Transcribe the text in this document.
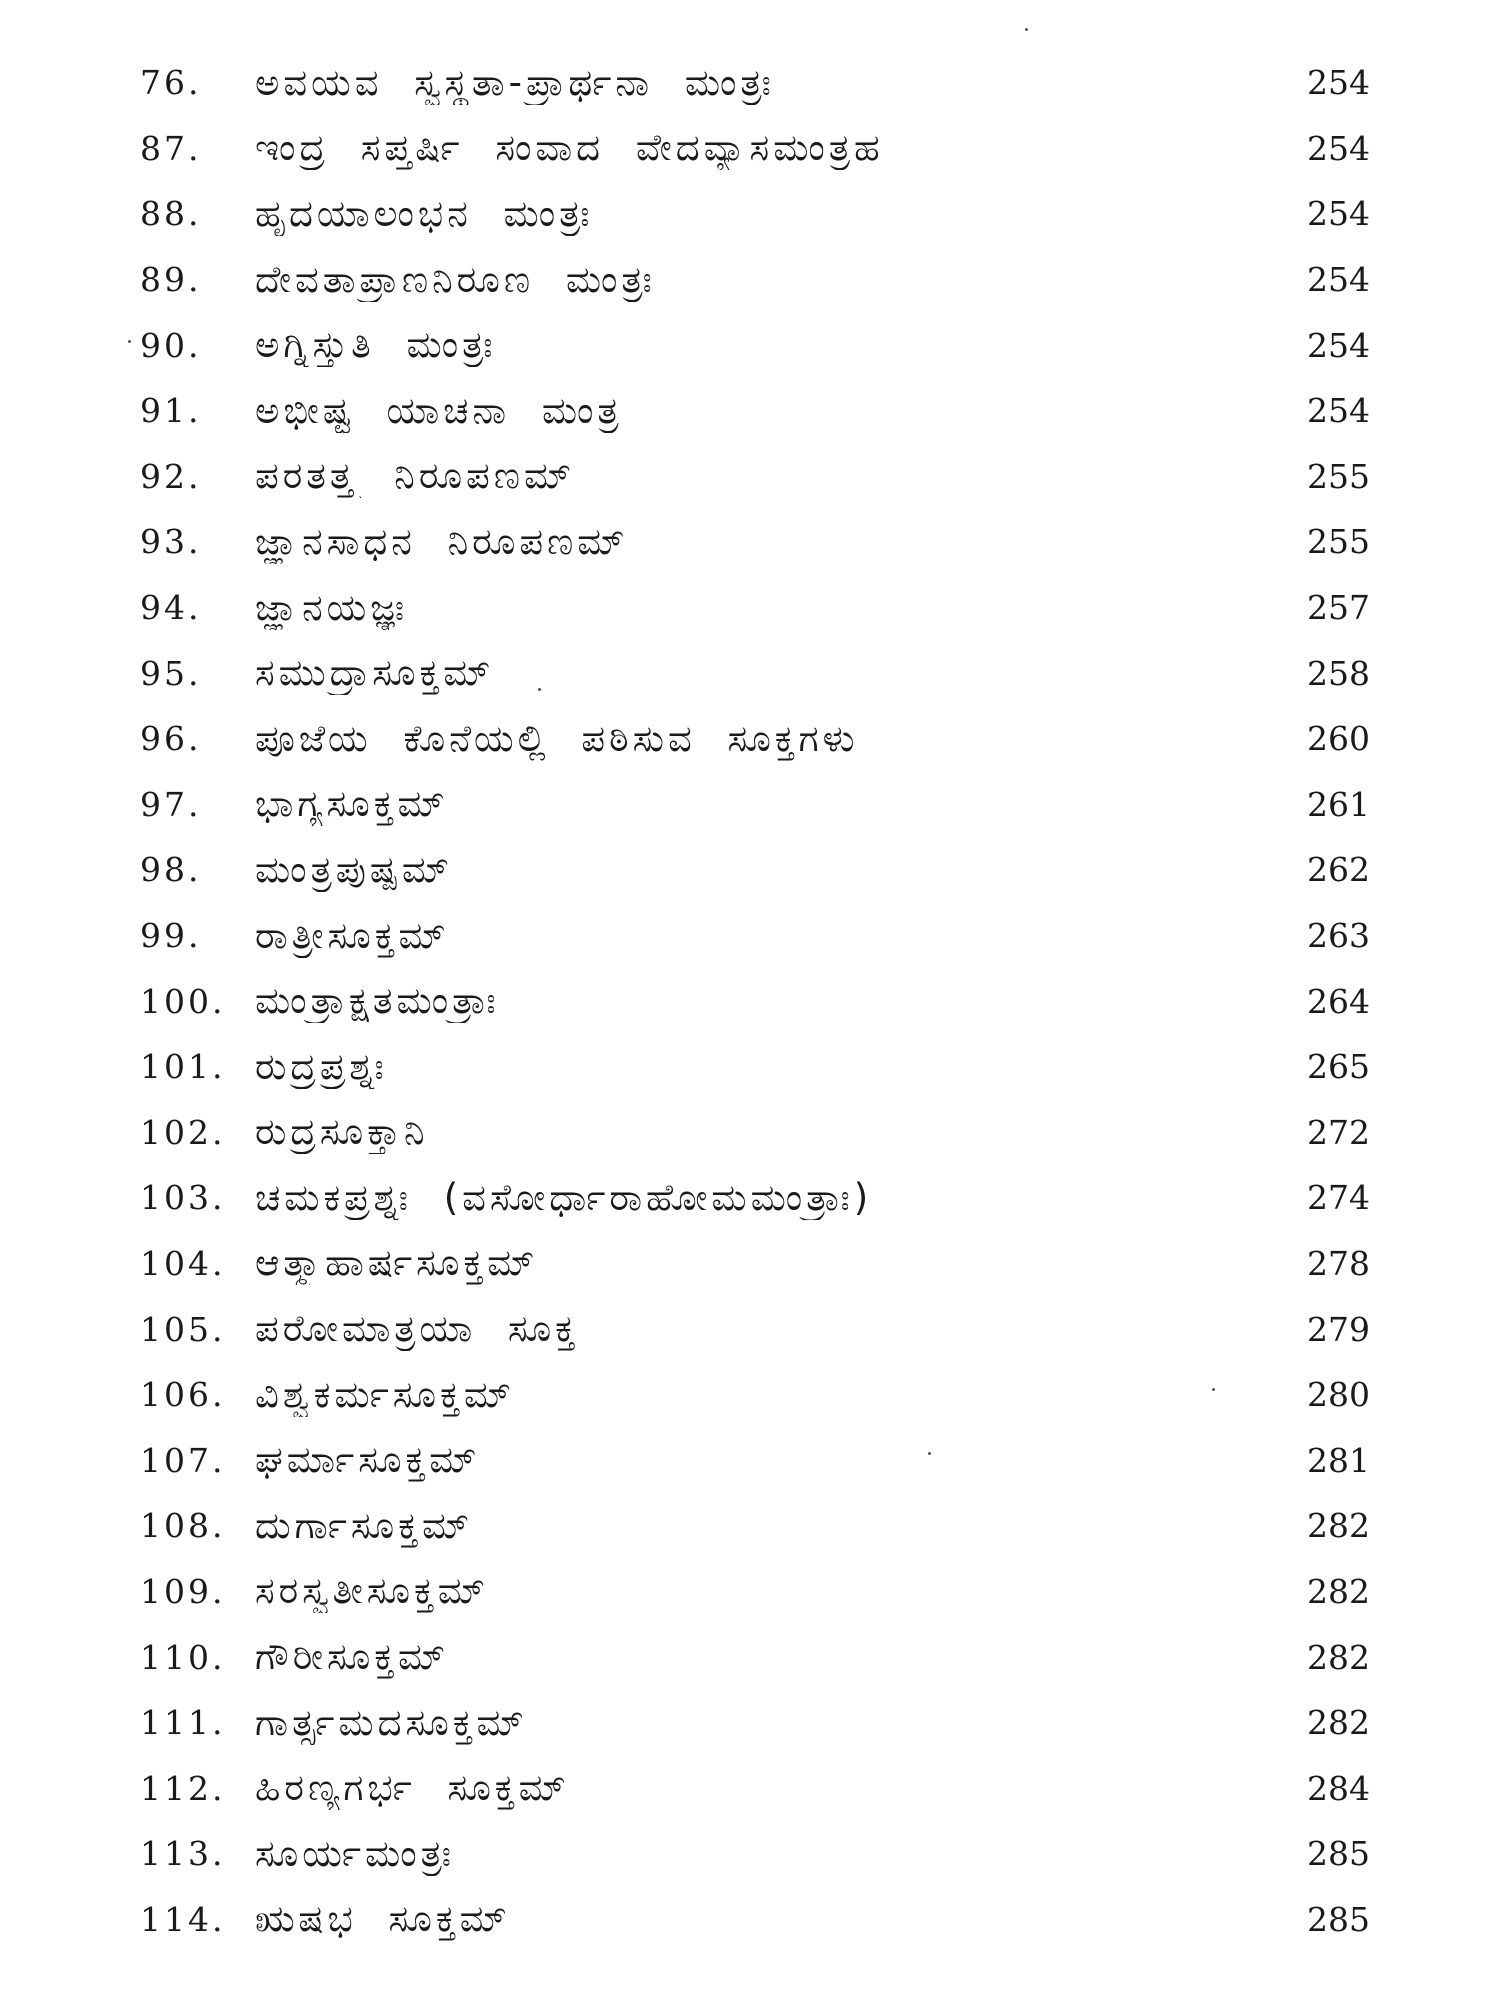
76.	ಅವಯವ ಸ್ವಸ್ಥತಾ-ಪ್ರಾರ್ಥನಾ ಮಂತ್ರಃ	254
87.	ಇಂದ್ರ ಸಪ್ತರ್ಷಿ ಸಂವಾದ ವೇದವ್ಯಾಸಮಂತ್ರಹ	254
88.	ಹೃದಯಾಲಂಭನ ಮಂತ್ರಃ	254
89.	ದೇವತಾಪ್ರಾಣನಿರೂಣ ಮಂತ್ರಃ	254
90.	ಅಗ್ನಿಸ್ತುತಿ ಮಂತ್ರಃ	254
91.	ಅಭೀಷ್ಟ ಯಾಚನಾ ಮಂತ್ರ	254
92.	ಪರತತ್ತ್ವ ನಿರೂಪಣಮ್	255
93.	ಜ್ಞಾನಸಾಧನ ನಿರೂಪಣಮ್	255
94.	ಜ್ಞಾನಯಜ್ಞಃ	257
95.	ಸಮುದ್ರಾಸೂಕ್ತಮ್	258
96.	ಪೂಜೆಯ ಕೊನೆಯಲ್ಲಿ ಪಠಿಸುವ ಸೂಕ್ತಗಳು	260
97.	ಭಾಗ್ಯಸೂಕ್ತಮ್	261
98.	ಮಂತ್ರಪುಷ್ಪಮ್	262
99.	ರಾತ್ರೀಸೂಕ್ತಮ್	263
100. ಮಂತ್ರಾಕ್ಷತಮಂತ್ರಾಃ	264
101. ರುದ್ರಪ್ರಶ್ನಃ	265
102. ರುದ್ರಸೂಕ್ತಾನಿ	272
103. ಚಮಕಪ್ರಶ್ನಃ (ವಸೋರ್ಧಾರಾಹೋಮಮಂತ್ರಾಃ)	274
104. ಆತ್ಮಾಹಾರ್ಷಸೂಕ್ತಮ್	278
105. ಪರೋಮಾತ್ರಯಾ ಸೂಕ್ತ	279
106. ವಿಶ್ವಕರ್ಮಸೂಕ್ತಮ್	280
107. ಘರ್ಮಾಸೂಕ್ತಮ್	281
108. ದುರ್ಗಾಸೂಕ್ತಮ್	282
109. ಸರಸ್ವತೀಸೂಕ್ತಮ್	282
110. ಗೌರೀಸೂಕ್ತಮ್	282
111. ಗಾರ್ತ್ಸಮದಸೂಕ್ತಮ್	282
112. ಹಿರಣ್ಯಗರ್ಭ ಸೂಕ್ತಮ್	284
113. ಸೂರ್ಯಮಂತ್ರಃ	285
114. ಋಷಭ ಸೂಕ್ತಮ್	285
